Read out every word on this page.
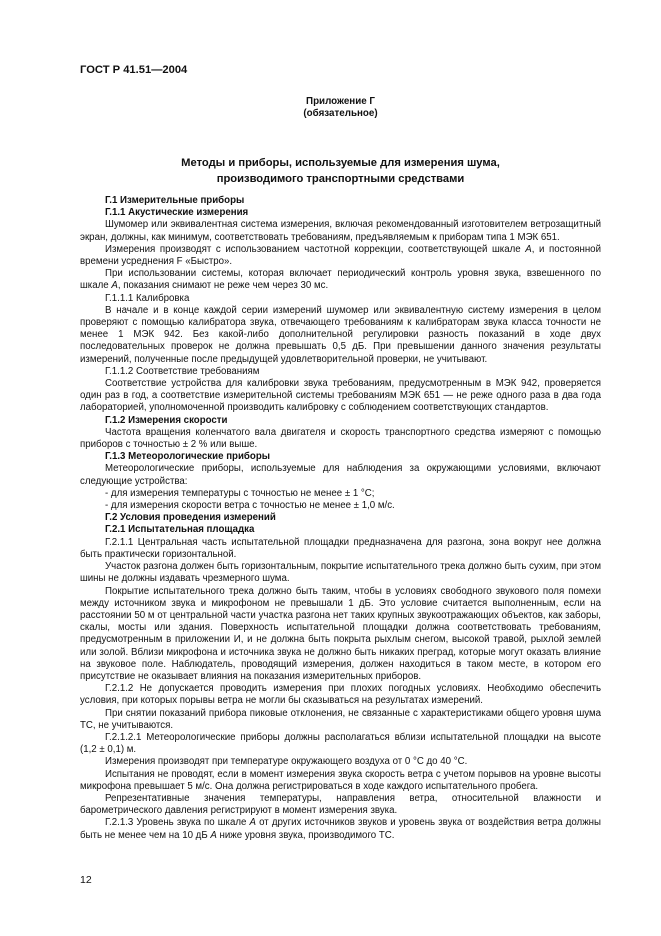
ГОСТ Р 41.51—2004
Приложение Г
(обязательное)
Методы и приборы, используемые для измерения шума,
производимого транспортными средствами

Г.1 Измерительные приборы

Г.1.1 Акустические измерения

Шумомер или эквивалентная система измерения, включая рекомендованный изготовителем ветрозащитный экран, должны, как минимум, соответствовать требованиям, предъявляемым к приборам типа 1 МЭК 651.

Измерения производят с использованием частотной коррекции, соответствующей шкале A, и постоянной времени усреднения F «Быстро».

При использовании системы, которая включает периодический контроль уровня звука, взвешенного по шкале A, показания снимают не реже чем через 30 мс.

Г.1.1.1 Калибровка

В начале и в конце каждой серии измерений шумомер или эквивалентную систему измерения в целом проверяют с помощью калибратора звука, отвечающего требованиям к калибраторам звука класса точности не менее 1 МЭК 942. Без какой-либо дополнительной регулировки разность показаний в ходе двух последовательных проверок не должна превышать 0,5 дБ. При превышении данного значения результаты измерений, полученные после предыдущей удовлетворительной проверки, не учитывают.

Г.1.1.2 Соответствие требованиям

Соответствие устройства для калибровки звука требованиям, предусмотренным в МЭК 942, проверяется один раз в год, а соответствие измерительной системы требованиям МЭК 651 — не реже одного раза в два года лабораторией, уполномоченной производить калибровку с соблюдением соответствующих стандартов.

Г.1.2 Измерения скорости

Частота вращения коленчатого вала двигателя и скорость транспортного средства измеряют с помощью приборов с точностью ± 2 % или выше.

Г.1.3 Метеорологические приборы

Метеорологические приборы, используемые для наблюдения за окружающими условиями, включают следующие устройства:

- для измерения температуры с точностью не менее ± 1 °С;

- для измерения скорости ветра с точностью не менее ± 1,0 м/с.

Г.2 Условия проведения измерений

Г.2.1 Испытательная площадка

Г.2.1.1 Центральная часть испытательной площадки предназначена для разгона, зона вокруг нее должна быть практически горизонтальной.

Участок разгона должен быть горизонтальным, покрытие испытательного трека должно быть сухим, при этом шины не должны издавать чрезмерного шума.

Покрытие испытательного трека должно быть таким, чтобы в условиях свободного звукового поля помехи между источником звука и микрофоном не превышали 1 дБ. Это условие считается выполненным, если на расстоянии 50 м от центральной части участка разгона нет таких крупных звукоотражающих объектов, как заборы, скалы, мосты или здания. Поверхность испытательной площадки должна соответствовать требованиям, предусмотренным в приложении И, и не должна быть покрыта рыхлым снегом, высокой травой, рыхлой землей или золой. Вблизи микрофона и источника звука не должно быть никаких преград, которые могут оказать влияние на звуковое поле. Наблюдатель, проводящий измерения, должен находиться в таком месте, в котором его присутствие не оказывает влияния на показания измерительных приборов.

Г.2.1.2 Не допускается проводить измерения при плохих погодных условиях. Необходимо обеспечить условия, при которых порывы ветра не могли бы сказываться на результатах измерений.

При снятии показаний прибора пиковые отклонения, не связанные с характеристиками общего уровня шума ТС, не учитываются.

Г.2.1.2.1 Метеорологические приборы должны располагаться вблизи испытательной площадки на высоте (1,2 ± 0,1) м.

Измерения производят при температуре окружающего воздуха от 0 °С до 40 °С.

Испытания не проводят, если в момент измерения звука скорость ветра с учетом порывов на уровне высоты микрофона превышает 5 м/с. Она должна регистрироваться в ходе каждого испытательного пробега.

Репрезентативные значения температуры, направления ветра, относительной влажности и барометрического давления регистрируют в момент измерения звука.

Г.2.1.3 Уровень звука по шкале А от других источников звуков и уровень звука от воздействия ветра должны быть не менее чем на 10 дБ А ниже уровня звука, производимого ТС.

12
